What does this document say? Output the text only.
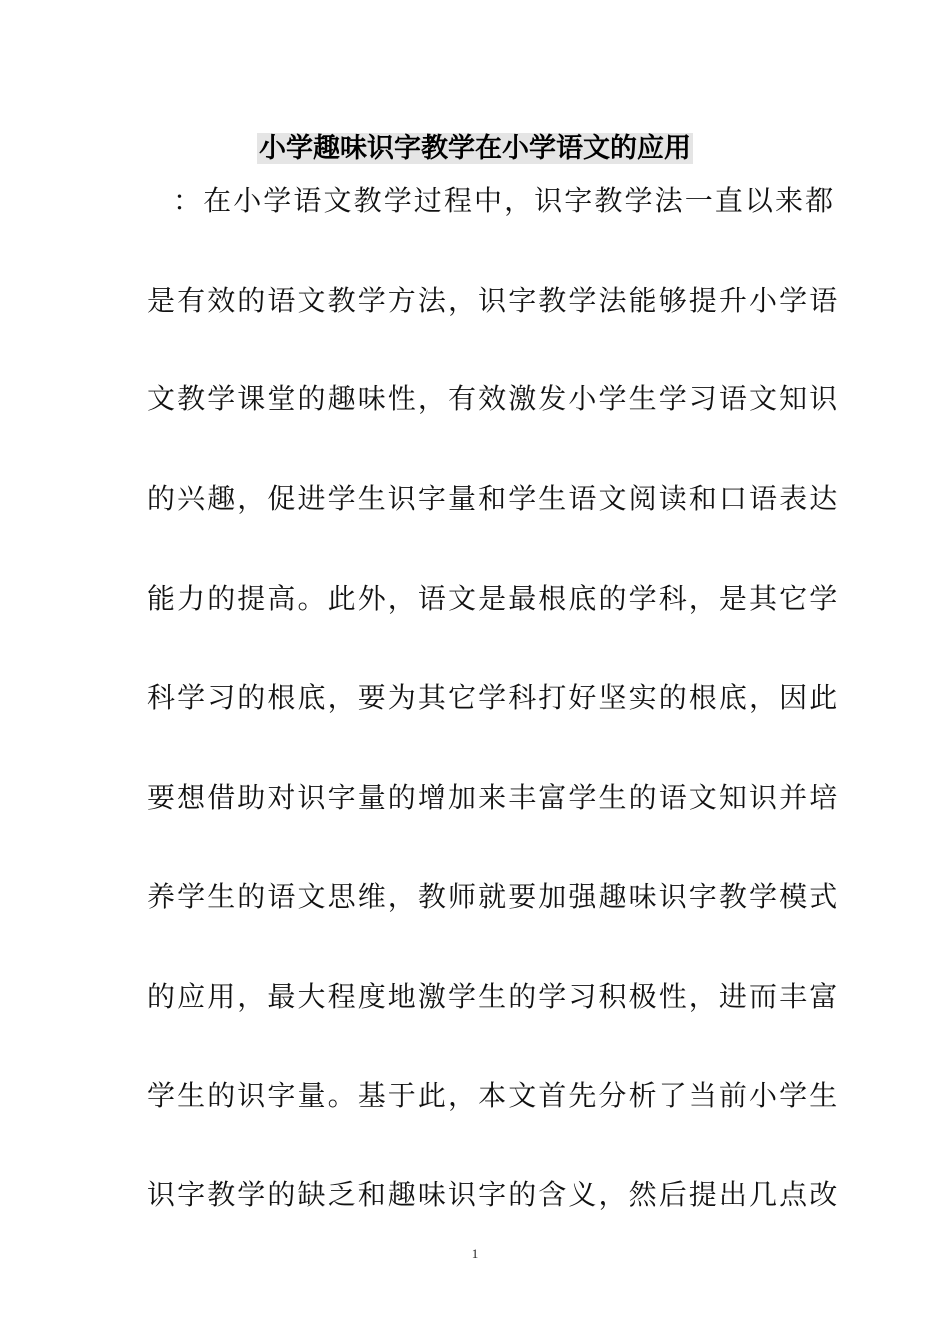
小学趣味识字教学在小学语文的应用
：在小学语文教学过程中，识字教学法一直以来都
是有效的语文教学方法，识字教学法能够提升小学语
文教学课堂的趣味性，有效激发小学生学习语文知识
的兴趣，促进学生识字量和学生语文阅读和口语表达
能力的提高。此外，语文是最根底的学科，是其它学
科学习的根底，要为其它学科打好坚实的根底，因此
要想借助对识字量的增加来丰富学生的语文知识并培
养学生的语文思维，教师就要加强趣味识字教学模式
的应用，最大程度地激学生的学习积极性，进而丰富
学生的识字量。基于此，本文首先分析了当前小学生
识字教学的缺乏和趣味识字的含义，然后提出几点改
1
